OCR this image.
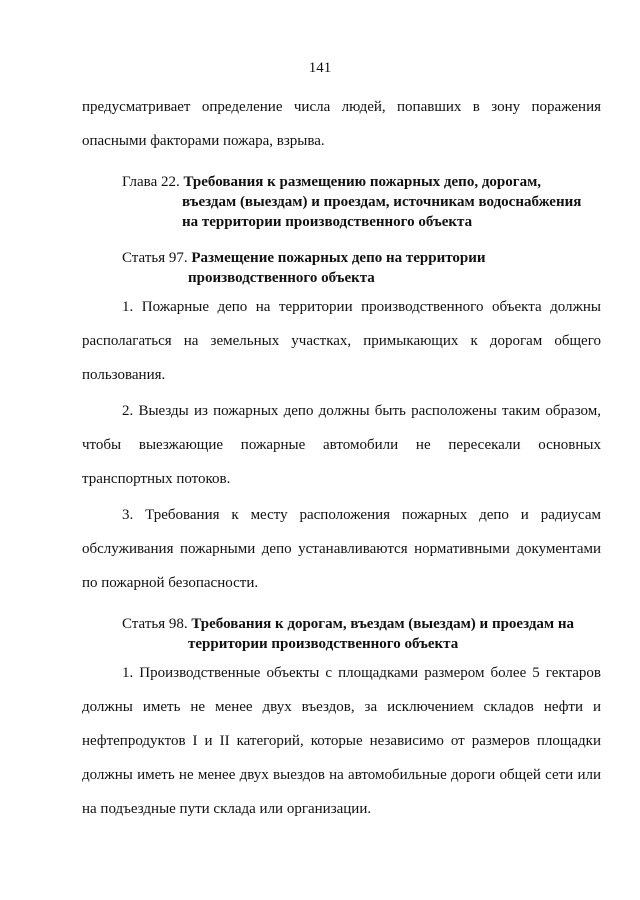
141

предусматривает определение числа людей, попавших в зону поражения опасными факторами пожара, взрыва.

Глава 22. Требования к размещению пожарных депо, дорогам,
въездам (выездам) и проездам, источникам водоснабжения
на территории производственного объекта
Статья 97. Размещение пожарных депо на территории
производственного объекта

1. Пожарные депо на территории производственного объекта должны располагаться на земельных участках, примыкающих к дорогам общего пользования.

2. Выезды из пожарных депо должны быть расположены таким образом, чтобы выезжающие пожарные автомобили не пересекали основных транспортных потоков.

3. Требования к месту расположения пожарных депо и радиусам обслуживания пожарными депо устанавливаются нормативными документами по пожарной безопасности.

Статья 98. Требования к дорогам, въездам (выездам) и проездам на
территории производственного объекта

1. Производственные объекты с площадками размером более 5 гектаров должны иметь не менее двух въездов, за исключением складов нефти и нефтепродуктов I и II категорий, которые независимо от размеров площадки должны иметь не менее двух выездов на автомобильные дороги общей сети или на подъездные пути склада или организации.
